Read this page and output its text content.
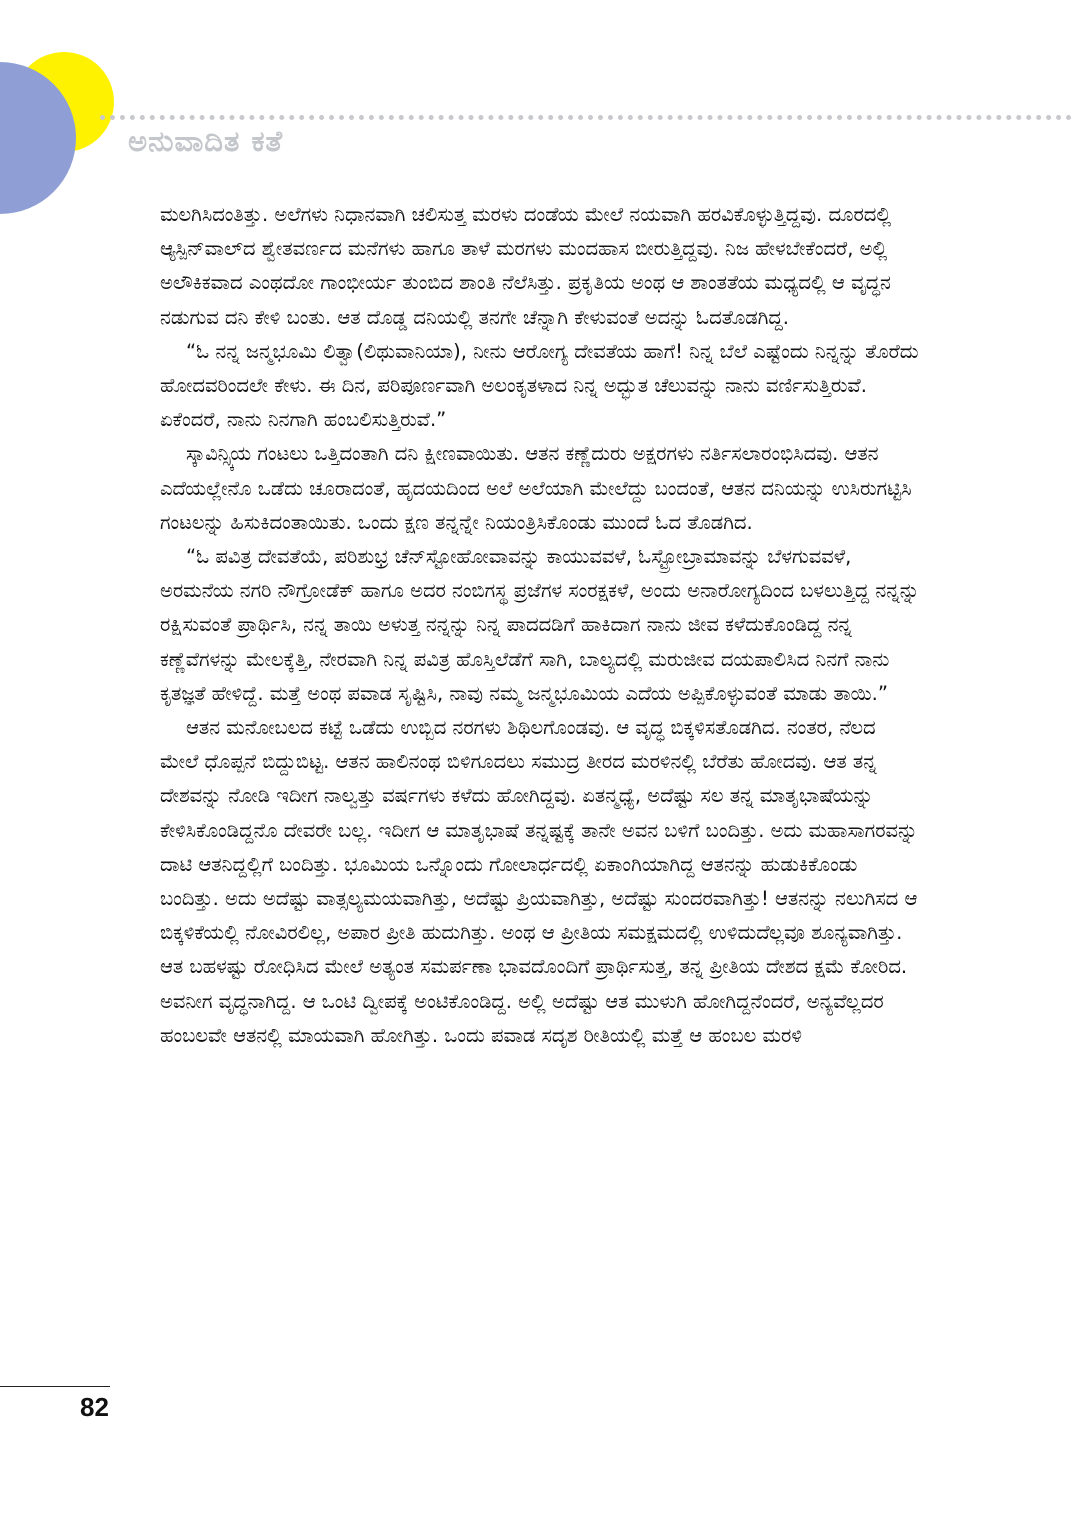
ಅನುವಾದಿತ ಕತೆ

ಮಲಗಿಸಿದಂತಿತ್ತು. ಅಲೆಗಳು ನಿಧಾನವಾಗಿ ಚಲಿಸುತ್ತ ಮರಳು ದಂಡೆಯ ಮೇಲೆ ನಯವಾಗಿ ಹರವಿಕೊಳ್ಳುತ್ತಿದ್ದವು. ದೂರದಲ್ಲಿ ಆ್ಯಸ್ಪಿನ್‌ವಾಲ್‌ದ ಶ್ವೇತವರ್ಣದ ಮನೆಗಳು ಹಾಗೂ ತಾಳೆ ಮರಗಳು ಮಂದಹಾಸ ಬೀರುತ್ತಿದ್ದವು. ನಿಜ ಹೇಳಬೇಕೆಂದರೆ, ಅಲ್ಲಿ ಅಲೌಕಿಕವಾದ ಎಂಥದೋ ಗಾಂಭೀರ್ಯ ತುಂಬಿದ ಶಾಂತಿ ನೆಲೆಸಿತ್ತು. ಪ್ರಕೃತಿಯ ಅಂಥ ಆ ಶಾಂತತೆಯ ಮಧ್ಯದಲ್ಲಿ ಆ ವೃದ್ಧನ ನಡುಗುವ ದನಿ ಕೇಳಿ ಬಂತು. ಆತ ದೊಡ್ಡ ದನಿಯಲ್ಲಿ ತನಗೇ ಚೆನ್ನಾಗಿ ಕೇಳುವಂತೆ ಅದನ್ನು ಓದತೊಡಗಿದ್ದ.

“ಓ ನನ್ನ ಜನ್ಮಭೂಮಿ ಲಿತ್ವಾ(ಲಿಥುವಾನಿಯಾ), ನೀನು ಆರೋಗ್ಯ ದೇವತೆಯ ಹಾಗೆ! ನಿನ್ನ ಬೆಲೆ ಎಷ್ಟೆಂದು ನಿನ್ನನ್ನು ತೊರೆದು ಹೋದವರಿಂದಲೇ ಕೇಳು. ಈ ದಿನ, ಪರಿಪೂರ್ಣವಾಗಿ ಅಲಂಕೃತಳಾದ ನಿನ್ನ ಅದ್ಭುತ ಚೆಲುವನ್ನು ನಾನು ವರ್ಣಿಸುತ್ತಿರುವೆ. ಏಕೆಂದರೆ, ನಾನು ನಿನಗಾಗಿ ಹಂಬಲಿಸುತ್ತಿರುವೆ.”

ಸ್ಕಾವಿನ್ಸ್ಕಿಯ ಗಂಟಲು ಒತ್ತಿದಂತಾಗಿ ದನಿ ಕ್ಷೀಣವಾಯಿತು. ಆತನ ಕಣ್ಣೆದುರು ಅಕ್ಷರಗಳು ನರ್ತಿಸಲಾರಂಭಿಸಿದವು. ಆತನ ಎದೆಯಲ್ಲೇನೊ ಒಡೆದು ಚೂರಾದಂತೆ, ಹೃದಯದಿಂದ ಅಲೆ ಅಲೆಯಾಗಿ ಮೇಲೆದ್ದು ಬಂದಂತೆ, ಆತನ ದನಿಯನ್ನು ಉಸಿರುಗಟ್ಟಿಸಿ ಗಂಟಲನ್ನು ಹಿಸುಕಿದಂತಾಯಿತು. ಒಂದು ಕ್ಷಣ ತನ್ನನ್ನೇ ನಿಯಂತ್ರಿಸಿಕೊಂಡು ಮುಂದೆ ಓದ ತೊಡಗಿದ.

“ಓ ಪವಿತ್ರ ದೇವತೆಯೆ, ಪರಿಶುಭ್ರ ಚೆನ್‌ಸ್ಟೋಹೋವಾವನ್ನು ಕಾಯುವವಳೆ, ಓಸ್ಟ್ರೋಬ್ರಾಮಾವನ್ನು ಬೆಳಗುವವಳೆ, ಅರಮನೆಯ ನಗರಿ ನೌಗ್ರೋಡೆಕ್ ಹಾಗೂ ಅದರ ನಂಬಿಗಸ್ಥ ಪ್ರಜೆಗಳ ಸಂರಕ್ಷಕಳೆ, ಅಂದು ಅನಾರೋಗ್ಯದಿಂದ ಬಳಲುತ್ತಿದ್ದ ನನ್ನನ್ನು ರಕ್ಷಿಸುವಂತೆ ಪ್ರಾರ್ಥಿಸಿ, ನನ್ನ ತಾಯಿ ಅಳುತ್ತ ನನ್ನನ್ನು ನಿನ್ನ ಪಾದದಡಿಗೆ ಹಾಕಿದಾಗ ನಾನು ಜೀವ ಕಳೆದುಕೊಂಡಿದ್ದ ನನ್ನ ಕಣ್ಣೆವೆಗಳನ್ನು ಮೇಲಕ್ಕೆತ್ತಿ, ನೇರವಾಗಿ ನಿನ್ನ ಪವಿತ್ರ ಹೊಸ್ತಿಲೆಡೆಗೆ ಸಾಗಿ, ಬಾಲ್ಯದಲ್ಲಿ ಮರುಜೀವ ದಯಪಾಲಿಸಿದ ನಿನಗೆ ನಾನು ಕೃತಜ್ಞತೆ ಹೇಳಿದ್ದೆ. ಮತ್ತೆ ಅಂಥ ಪವಾಡ ಸೃಷ್ಟಿಸಿ, ನಾವು ನಮ್ಮ ಜನ್ಮಭೂಮಿಯ ಎದೆಯ ಅಪ್ಪಿಕೊಳ್ಳುವಂತೆ ಮಾಡು ತಾಯಿ.”

ಆತನ ಮನೋಬಲದ ಕಟ್ಟೆ ಒಡೆದು ಉಬ್ಬಿದ ನರಗಳು ಶಿಥಿಲಗೊಂಡವು. ಆ ವೃದ್ಧ ಬಿಕ್ಕಳಿಸತೊಡಗಿದ. ನಂತರ, ನೆಲದ ಮೇಲೆ ಧೊಪ್ಪನೆ ಬಿದ್ದುಬಿಟ್ಟ. ಆತನ ಹಾಲಿನಂಥ ಬಿಳಿಗೂದಲು ಸಮುದ್ರ ತೀರದ ಮರಳಿನಲ್ಲಿ ಬೆರೆತು ಹೋದವು. ಆತ ತನ್ನ ದೇಶವನ್ನು ನೋಡಿ ಇದೀಗ ನಾಲ್ವತ್ತು ವರ್ಷಗಳು ಕಳೆದು ಹೋಗಿದ್ದವು. ಏತನ್ಮಧ್ಯೆ, ಅದೆಷ್ಟು ಸಲ ತನ್ನ ಮಾತೃಭಾಷೆಯನ್ನು ಕೇಳಿಸಿಕೊಂಡಿದ್ದನೊ ದೇವರೇ ಬಲ್ಲ. ಇದೀಗ ಆ ಮಾತೃಭಾಷೆ ತನ್ನಷ್ಟಕ್ಕೆ ತಾನೇ ಅವನ ಬಳಿಗೆ ಬಂದಿತ್ತು. ಅದು ಮಹಾಸಾಗರವನ್ನು ದಾಟಿ ಆತನಿದ್ದಲ್ಲಿಗೆ ಬಂದಿತ್ತು. ಭೂಮಿಯ ಒನ್ನೊಂದು ಗೋಲಾರ್ಧದಲ್ಲಿ ಏಕಾಂಗಿಯಾಗಿದ್ದ ಆತನನ್ನು ಹುಡುಕಿಕೊಂಡು ಬಂದಿತ್ತು. ಅದು ಅದೆಷ್ಟು ವಾತ್ಸಲ್ಯಮಯವಾಗಿತ್ತು, ಅದೆಷ್ಟು ಪ್ರಿಯವಾಗಿತ್ತು, ಅದೆಷ್ಟು ಸುಂದರವಾಗಿತ್ತು! ಆತನನ್ನು ನಲುಗಿಸದ ಆ ಬಿಕ್ಕಳಿಕೆಯಲ್ಲಿ ನೋವಿರಲಿಲ್ಲ, ಅಪಾರ ಪ್ರೀತಿ ಹುದುಗಿತ್ತು. ಅಂಥ ಆ ಪ್ರೀತಿಯ ಸಮಕ್ಷಮದಲ್ಲಿ ಉಳಿದುದೆಲ್ಲವೂ ಶೂನ್ಯವಾಗಿತ್ತು. ಆತ ಬಹಳಷ್ಟು ರೋಧಿಸಿದ ಮೇಲೆ ಅತ್ಯಂತ ಸಮರ್ಪಣಾ ಭಾವದೊಂದಿಗೆ ಪ್ರಾರ್ಥಿಸುತ್ತ, ತನ್ನ ಪ್ರೀತಿಯ ದೇಶದ ಕ್ಷಮೆ ಕೋರಿದ. ಅವನೀಗ ವೃದ್ಧನಾಗಿದ್ದ. ಆ ಒಂಟಿ ದ್ವೀಪಕ್ಕೆ ಅಂಟಿಕೊಂಡಿದ್ದ. ಅಲ್ಲಿ ಅದೆಷ್ಟು ಆತ ಮುಳುಗಿ ಹೋಗಿದ್ದನೆಂದರೆ, ಅನ್ಯವೆಲ್ಲದರ ಹಂಬಲವೇ ಆತನಲ್ಲಿ ಮಾಯವಾಗಿ ಹೋಗಿತ್ತು. ಒಂದು ಪವಾಡ ಸದೃಶ ರೀತಿಯಲ್ಲಿ ಮತ್ತೆ ಆ ಹಂಬಲ ಮರಳಿ

82
